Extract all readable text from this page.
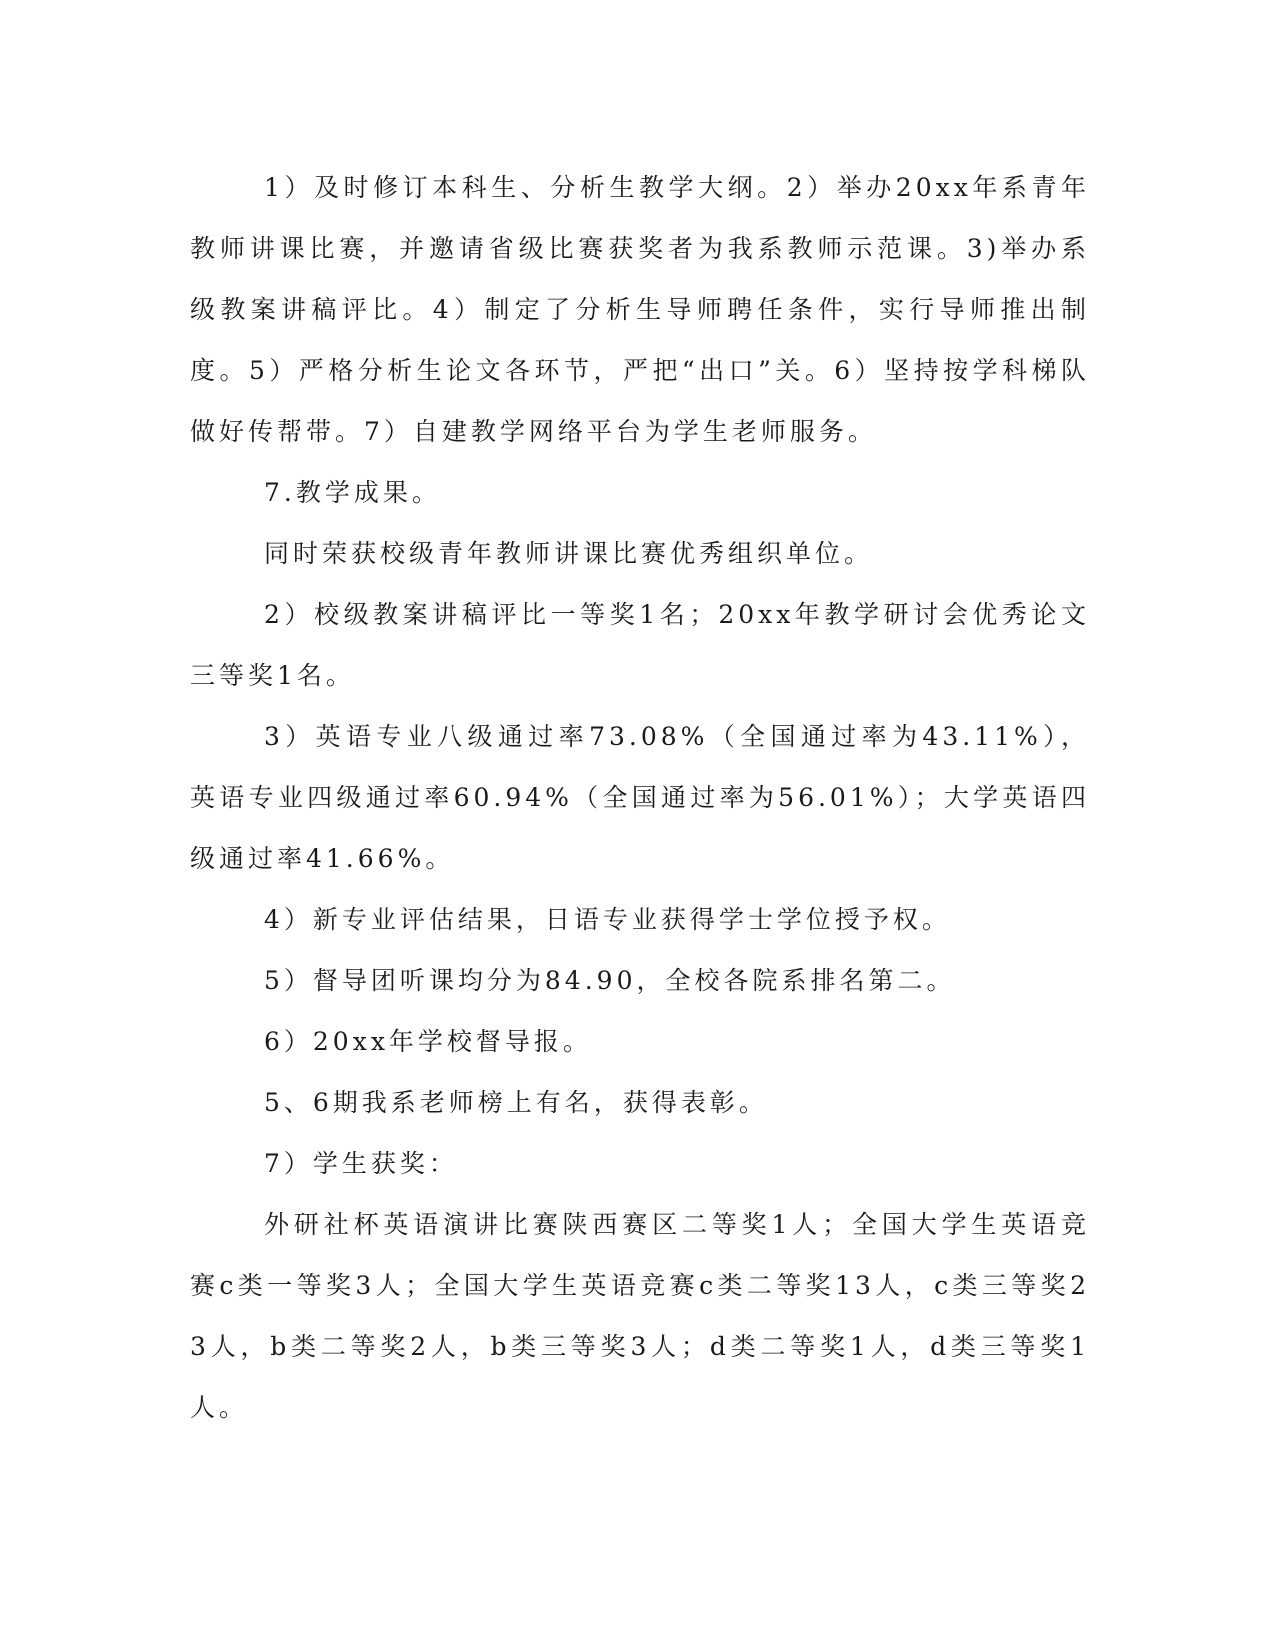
1）及时修订本科生、分析生教学大纲。2）举办20xx年系青年教师讲课比赛，并邀请省级比赛获奖者为我系教师示范课。3)举办系级教案讲稿评比。4）制定了分析生导师聘任条件，实行导师推出制度。5）严格分析生论文各环节，严把“出口”关。6）坚持按学科梯队做好传帮带。7）自建教学网络平台为学生老师服务。

7.教学成果。

同时荣获校级青年教师讲课比赛优秀组织单位。

2）校级教案讲稿评比一等奖1名；20xx年教学研讨会优秀论文三等奖1名。

3）英语专业八级通过率73.08%（全国通过率为43.11%），英语专业四级通过率60.94%（全国通过率为56.01%）；大学英语四级通过率41.66%。

4）新专业评估结果，日语专业获得学士学位授予权。

5）督导团听课均分为84.90，全校各院系排名第二。

6）20xx年学校督导报。

5、6期我系老师榜上有名，获得表彰。

7）学生获奖：

外研社杯英语演讲比赛陕西赛区二等奖1人；全国大学生英语竞赛c类一等奖3人；全国大学生英语竞赛c类二等奖13人，c类三等奖23人，b类二等奖2人，b类三等奖3人；d类二等奖1人，d类三等奖1人。
